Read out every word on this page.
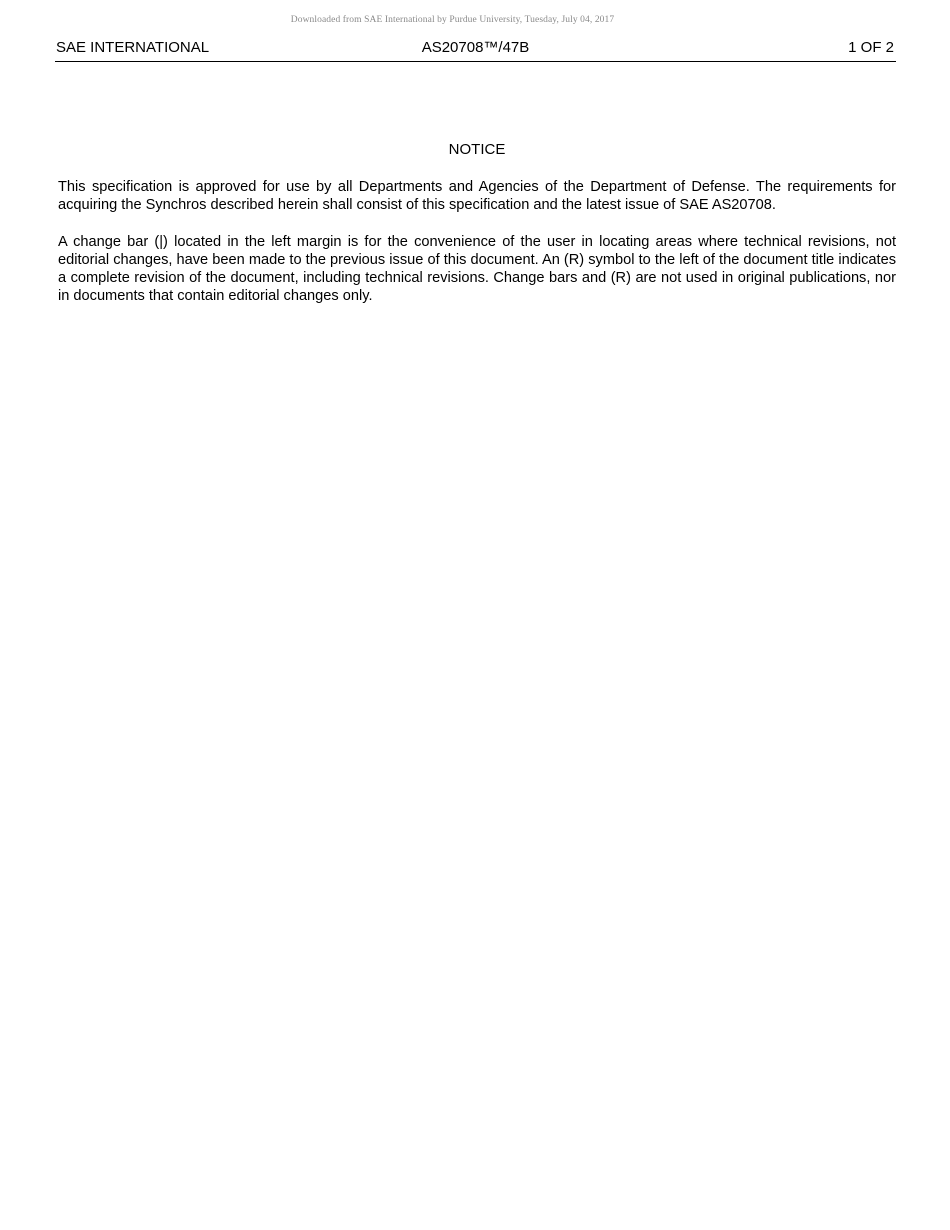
Downloaded from SAE International by Purdue University, Tuesday, July 04, 2017
SAE INTERNATIONAL	AS20708™/47B	1 OF 2
NOTICE

This specification is approved for use by all Departments and Agencies of the Department of Defense. The requirements for acquiring the Synchros described herein shall consist of this specification and the latest issue of SAE AS20708.

A change bar (|) located in the left margin is for the convenience of the user in locating areas where technical revisions, not editorial changes, have been made to the previous issue of this document. An (R) symbol to the left of the document title indicates a complete revision of the document, including technical revisions. Change bars and (R) are not used in original publications, nor in documents that contain editorial changes only.
